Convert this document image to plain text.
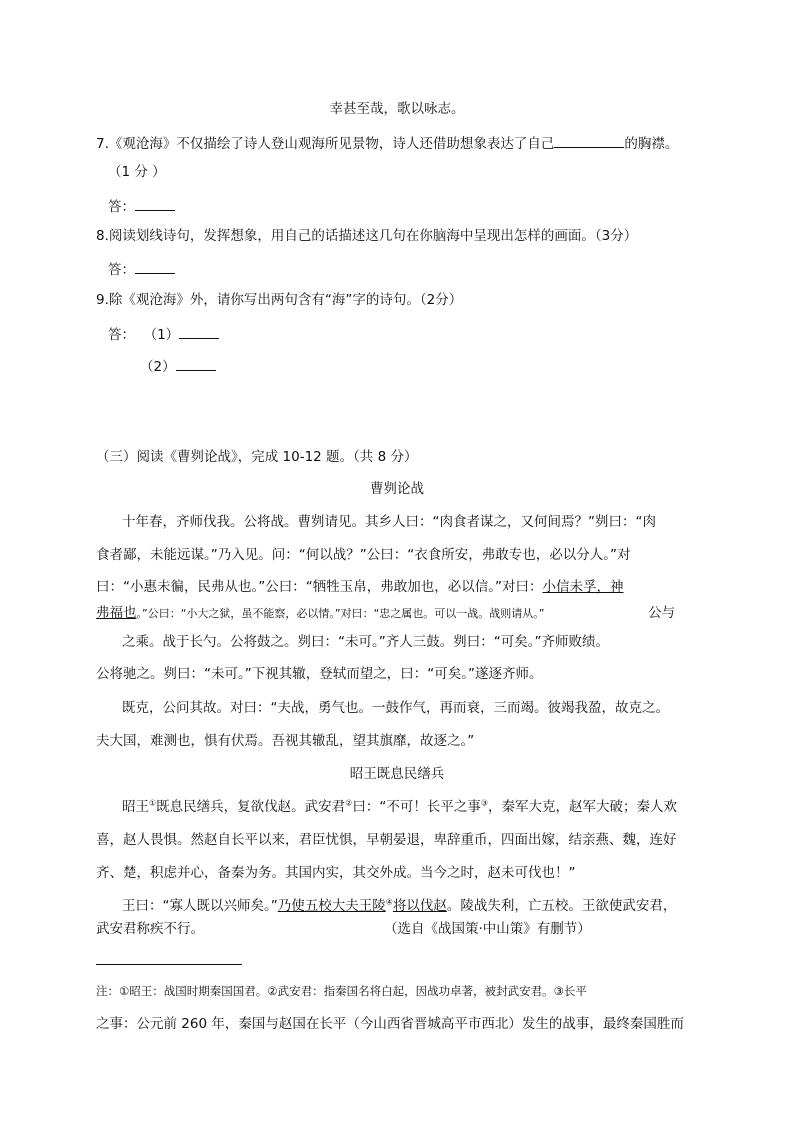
幸甚至哉，歌以咏志。
7.《观沧海》不仅描绘了诗人登山观海所见景物，诗人还借助想象表达了自己	的胸襟。
（1 分 ）
答：
8.阅读划线诗句，发挥想象，用自己的话描述这几句在你脑海中呈现出怎样的画面。（3分）
答：
9.除《观沧海》外，请你写出两句含有“海”字的诗句。（2分）
答： （1）
（2）
（三）阅读《曹刿论战》，完成 10-12 题。（共 8 分）
曹刿论战
十年春，齐师伐我。公将战。曹刿请见。其乡人曰：“肉食者谋之，又何间焉？”刿曰：“肉
食者鄙，未能远谋。”乃入见。问：“何以战？”公曰：“衣食所安，弗敢专也，必以分人。”对
曰：“小惠未徧，民弗从也。”公曰：“牺牲玉帛，弗敢加也，必以信。”对曰：小信未孚，神
弗福也。”公曰：“小大之狱，虽不能察，必以情。”对曰：“忠之属也。可以一战。战则请从。”	公与
之乘。战于长勺。公将鼓之。刿曰：“未可。”齐人三鼓。刿曰：“可矣。”齐师败绩。
公将驰之。刿曰：“未可。”下视其辙，登轼而望之，曰：“可矣。”遂逐齐师。
既克，公问其故。对曰：“夫战，勇气也。一鼓作气，再而衰，三而竭。彼竭我盈，故克之。
夫大国，难测也，惧有伏焉。吾视其辙乱，望其旗靡，故逐之。”
昭王既息民缮兵
昭王①既息民缮兵，复欲伐赵。武安君②曰：“不可！长平之事③，秦军大克，赵军大破；秦人欢
喜，赵人畏惧。然赵自长平以来，君臣忧惧，早朝晏退，卑辞重币，四面出嫁，结亲燕、魏，连好
齐、楚，积虑并心，备秦为务。其国内实，其交外成。当今之时，赵未可伐也！”
王曰：“寡人既以兴师矣。”乃使五校大夫王陵④将以伐赵。陵战失利，亡五校。王欲使武安君，
武安君称疾不行。	（选自《战国策·中山策》有删节）
注：①昭王：战国时期秦国国君。②武安君：指秦国名将白起，因战功卓著，被封武安君。③长平
之事：公元前 260 年，秦国与赵国在长平（今山西省晋城高平市西北）发生的战事，最终秦国胜而
